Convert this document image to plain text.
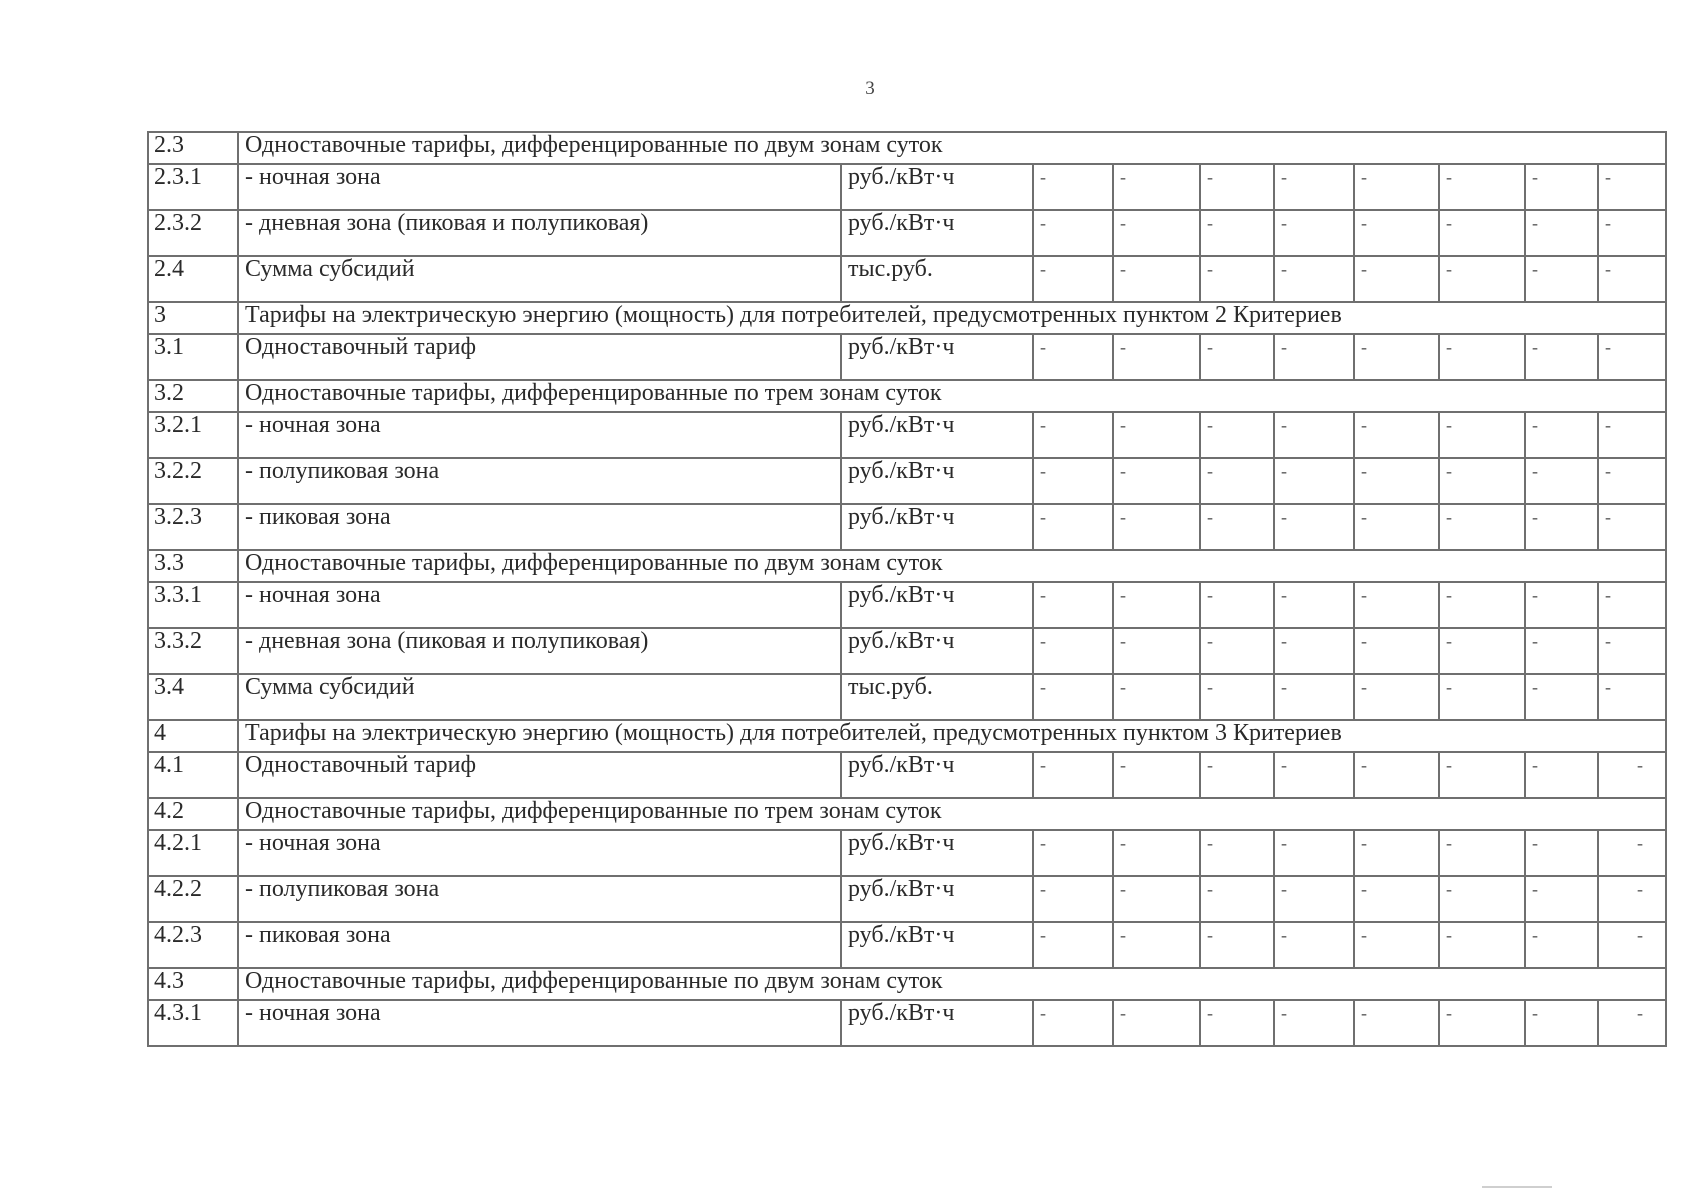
3
2.3	Одноставочные тарифы, дифференцированные по двум зонам суток									
2.3.1	- ночная зона	руб./кВт·ч	-	-	-	-	-	-	-	-
2.3.2	- дневная зона (пиковая и полупиковая)	руб./кВт·ч	-	-	-	-	-	-	-	-
2.4	Сумма субсидий	тыс.руб.	-	-	-	-	-	-	-	-
3	Тарифы на электрическую энергию (мощность) для потребителей, предусмотренных пунктом 2 Критериев									
3.1	Одноставочный тариф	руб./кВт·ч	-	-	-	-	-	-	-	-
3.2	Одноставочные тарифы, дифференцированные по трем зонам суток									
3.2.1	- ночная зона	руб./кВт·ч	-	-	-	-	-	-	-	-
3.2.2	- полупиковая зона	руб./кВт·ч	-	-	-	-	-	-	-	-
3.2.3	- пиковая зона	руб./кВт·ч	-	-	-	-	-	-	-	-
3.3	Одноставочные тарифы, дифференцированные по двум зонам суток									
3.3.1	- ночная зона	руб./кВт·ч	-	-	-	-	-	-	-	-
3.3.2	- дневная зона (пиковая и полупиковая)	руб./кВт·ч	-	-	-	-	-	-	-	-
3.4	Сумма субсидий	тыс.руб.	-	-	-	-	-	-	-	-
4	Тарифы на электрическую энергию (мощность) для потребителей, предусмотренных пунктом 3 Критериев									
4.1	Одноставочный тариф	руб./кВт·ч	-	-	-	-	-	-	-	-
4.2	Одноставочные тарифы, дифференцированные по трем зонам суток									
4.2.1	- ночная зона	руб./кВт·ч	-	-	-	-	-	-	-	-
4.2.2	- полупиковая зона	руб./кВт·ч	-	-	-	-	-	-	-	-
4.2.3	- пиковая зона	руб./кВт·ч	-	-	-	-	-	-	-	-
4.3	Одноставочные тарифы, дифференцированные по двум зонам суток									
4.3.1	- ночная зона	руб./кВт·ч	-	-	-	-	-	-	-	-
